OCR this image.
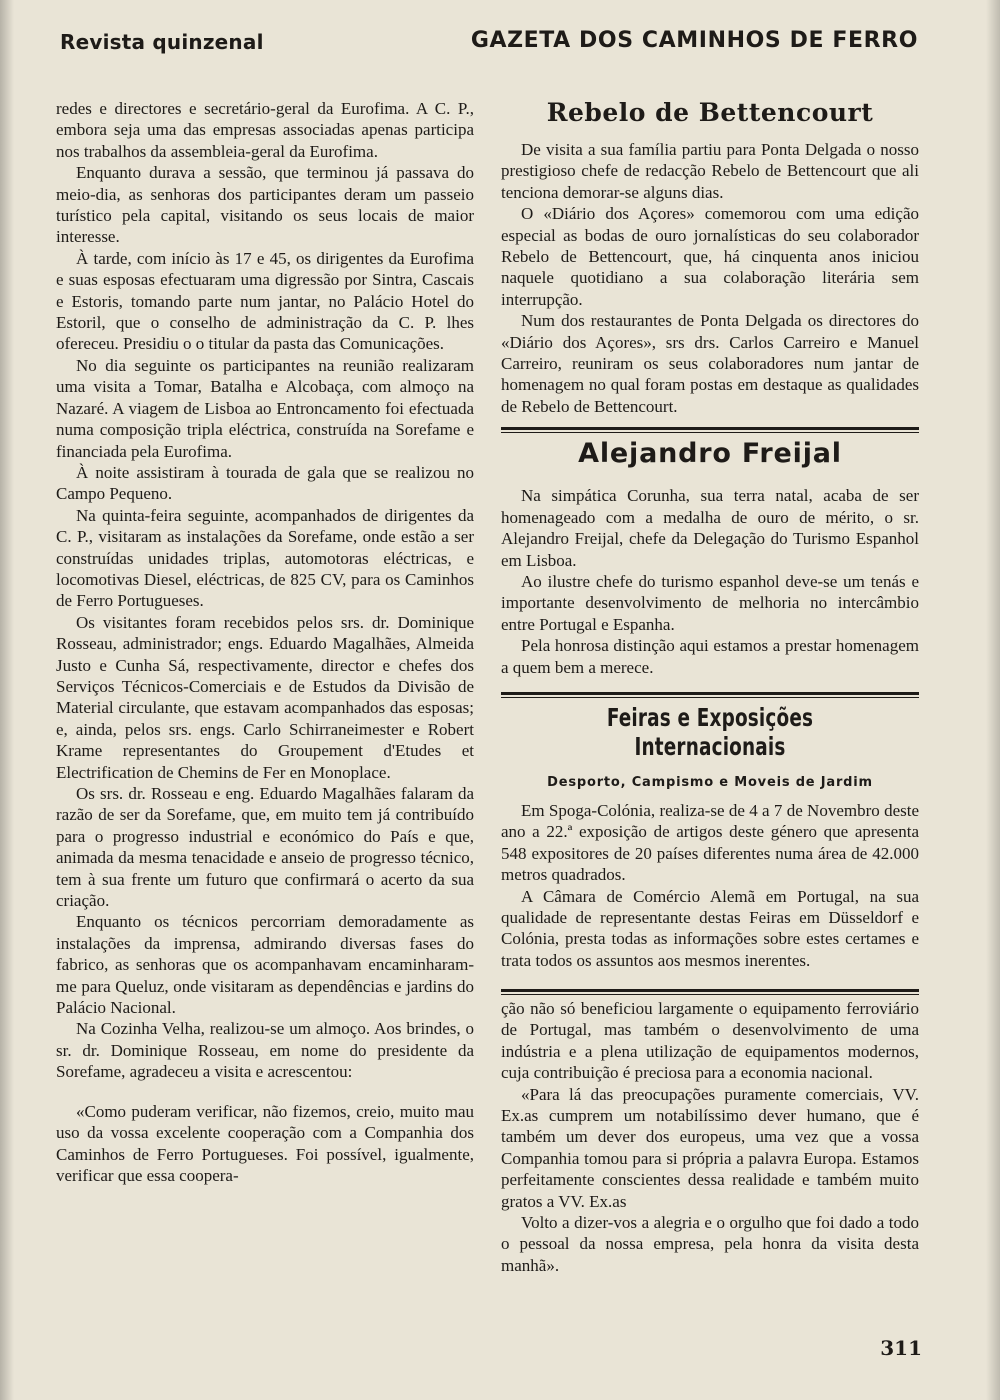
Revista quinzenal	GAZETA DOS CAMINHOS DE FERRO

redes e directores e secretário-geral da Eurofima. A C. P., embora seja uma das empresas associadas apenas participa nos trabalhos da assembleia-geral da Eurofima.

Enquanto durava a sessão, que terminou já passava do meio-dia, as senhoras dos participantes deram um passeio turístico pela capital, visitando os seus locais de maior interesse.

À tarde, com início às 17 e 45, os dirigentes da Eurofima e suas esposas efectuaram uma digressão por Sintra, Cascais e Estoris, tomando parte num jantar, no Palácio Hotel do Estoril, que o conselho de administração da C. P. lhes ofereceu. Presidiu o o titular da pasta das Comunicações.

No dia seguinte os participantes na reunião realizaram uma visita a Tomar, Batalha e Alcobaça, com almoço na Nazaré. A viagem de Lisboa ao Entroncamento foi efectuada numa composição tripla eléctrica, construída na Sorefame e financiada pela Eurofima.

À noite assistiram à tourada de gala que se realizou no Campo Pequeno.

Na quinta-feira seguinte, acompanhados de dirigentes da C. P., visitaram as instalações da Sorefame, onde estão a ser construídas unidades triplas, automotoras eléctricas, e locomotivas Diesel, eléctricas, de 825 CV, para os Caminhos de Ferro Portugueses.

Os visitantes foram recebidos pelos srs. dr. Dominique Rosseau, administrador; engs. Eduardo Magalhães, Almeida Justo e Cunha Sá, respectivamente, director e chefes dos Serviços Técnicos-Comerciais e de Estudos da Divisão de Material circulante, que estavam acompanhados das esposas; e, ainda, pelos srs. engs. Carlo Schirraneimester e Robert Krame representantes do Groupement d'Etudes et Electrification de Chemins de Fer en Monoplace.

Os srs. dr. Rosseau e eng. Eduardo Magalhães falaram da razão de ser da Sorefame, que, em muito tem já contribuído para o progresso industrial e económico do País e que, animada da mesma tenacidade e anseio de progresso técnico, tem à sua frente um futuro que confirmará o acerto da sua criação.

Enquanto os técnicos percorriam demoradamente as instalações da imprensa, admirando diversas fases do fabrico, as senhoras que os acompanhavam encaminharam-me para Queluz, onde visitaram as dependências e jardins do Palácio Nacional.

Na Cozinha Velha, realizou-se um almoço. Aos brindes, o sr. dr. Dominique Rosseau, em nome do presidente da Sorefame, agradeceu a visita e acrescentou:

«Como puderam verificar, não fizemos, creio, muito mau uso da vossa excelente cooperação com a Companhia dos Caminhos de Ferro Portugueses. Foi possível, igualmente, verificar que essa coopera-

Rebelo de Bettencourt

De visita a sua família partiu para Ponta Delgada o nosso prestigioso chefe de redacção Rebelo de Bettencourt que ali tenciona demorar-se alguns dias.

O «Diário dos Açores» comemorou com uma edição especial as bodas de ouro jornalísticas do seu colaborador Rebelo de Bettencourt, que, há cinquenta anos iniciou naquele quotidiano a sua colaboração literária sem interrupção.

Num dos restaurantes de Ponta Delgada os directores do «Diário dos Açores», srs drs. Carlos Carreiro e Manuel Carreiro, reuniram os seus colaboradores num jantar de homenagem no qual foram postas em destaque as qualidades de Rebelo de Bettencourt.

Alejandro Freijal

Na simpática Corunha, sua terra natal, acaba de ser homenageado com a medalha de ouro de mérito, o sr. Alejandro Freijal, chefe da Delegação do Turismo Espanhol em Lisboa.

Ao ilustre chefe do turismo espanhol deve-se um tenás e importante desenvolvimento de melhoria no intercâmbio entre Portugal e Espanha.

Pela honrosa distinção aqui estamos a prestar homenagem a quem bem a merece.

Feiras e Exposições Internacionais
Desporto, Campismo e Moveis de Jardim

Em Spoga-Colónia, realiza-se de 4 a 7 de Novembro deste ano a 22.ª exposição de artigos deste género que apresenta 548 expositores de 20 países diferentes numa área de 42.000 metros quadrados.

A Câmara de Comércio Alemã em Portugal, na sua qualidade de representante destas Feiras em Düsseldorf e Colónia, presta todas as informações sobre estes certames e trata todos os assuntos aos mesmos inerentes.

ção não só beneficiou largamente o equipamento ferroviário de Portugal, mas também o desenvolvimento de uma indústria e a plena utilização de equipamentos modernos, cuja contribuição é preciosa para a economia nacional.

«Para lá das preocupações puramente comerciais, VV. Ex.as cumprem um notabilíssimo dever humano, que é também um dever dos europeus, uma vez que a vossa Companhia tomou para si própria a palavra Europa. Estamos perfeitamente conscientes dessa realidade e também muito gratos a VV. Ex.as

Volto a dizer-vos a alegria e o orgulho que foi dado a todo o pessoal da nossa empresa, pela honra da visita desta manhã».

311
